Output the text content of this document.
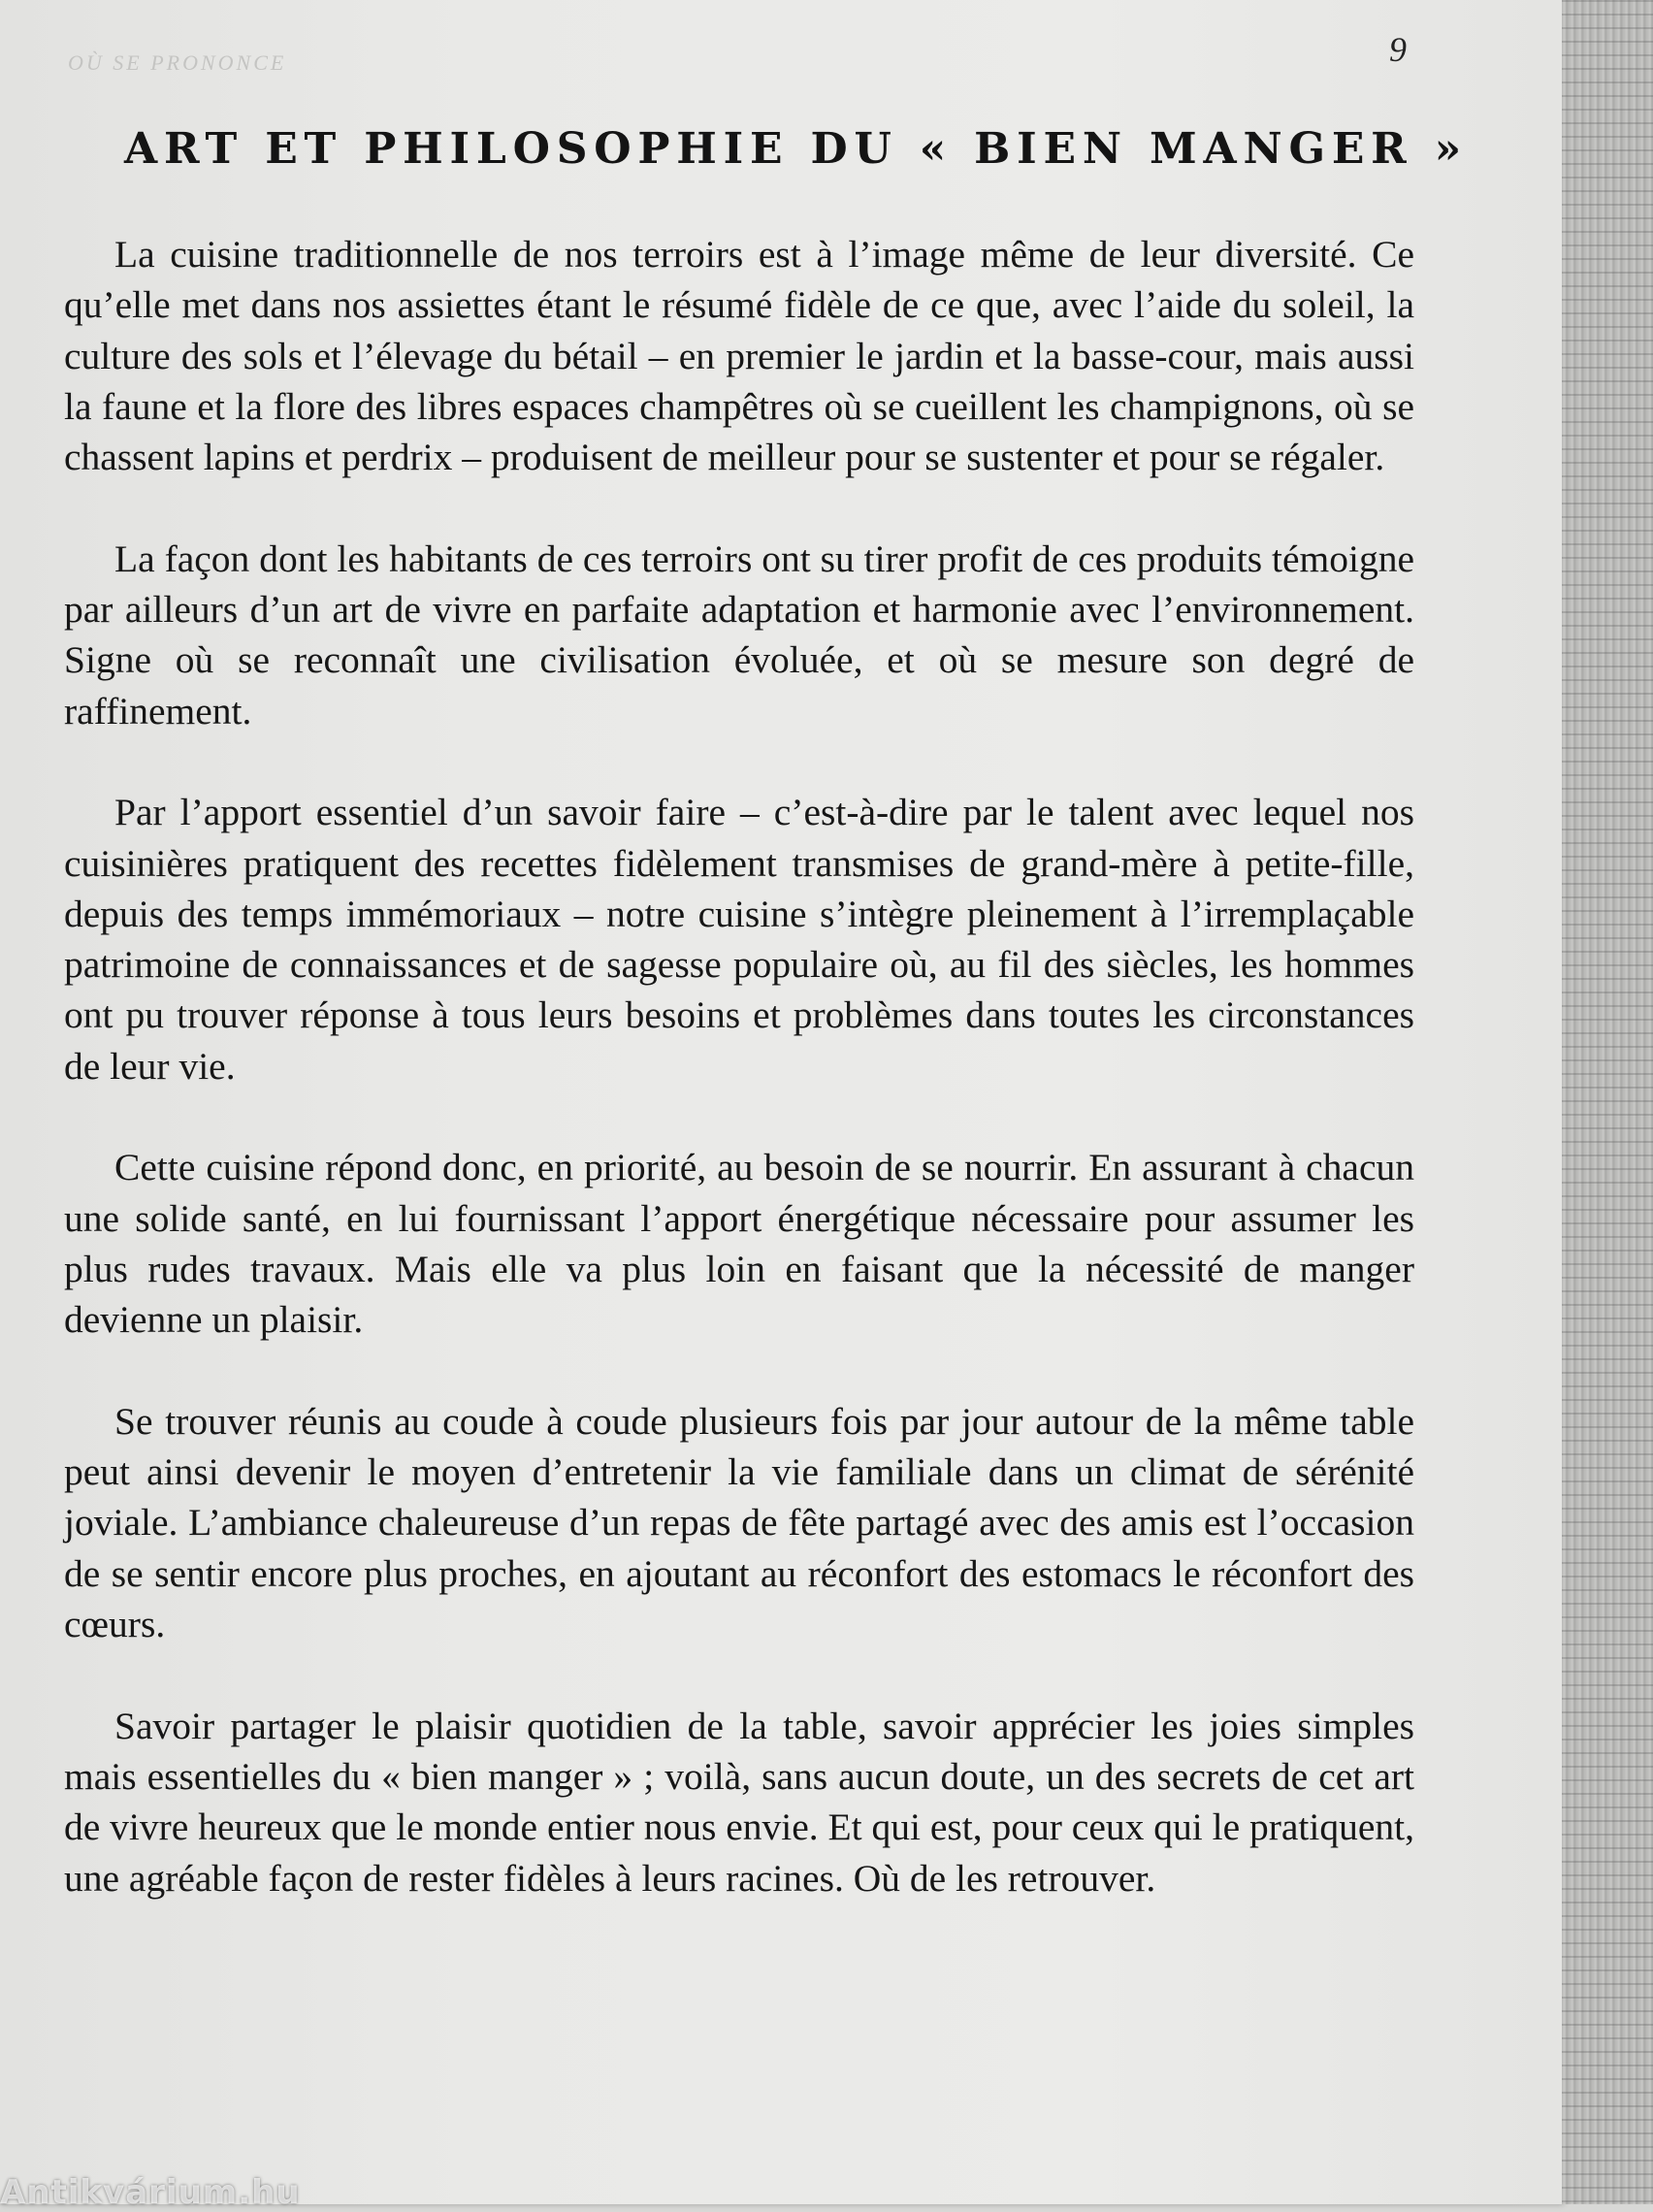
OÙ SE PRONONCE	9
ART ET PHILOSOPHIE DU « BIEN MANGER »

La cuisine traditionnelle de nos terroirs est à l’image même de leur diversité. Ce qu’elle met dans nos assiettes étant le résumé fidèle de ce que, avec l’aide du soleil, la culture des sols et l’élevage du bétail – en premier le jardin et la basse-cour, mais aussi la faune et la flore des libres espaces champêtres où se cueillent les champignons, où se chassent lapins et perdrix – produisent de meilleur pour se sustenter et pour se régaler.

La façon dont les habitants de ces terroirs ont su tirer profit de ces produits témoigne par ailleurs d’un art de vivre en parfaite adaptation et harmonie avec l’environnement. Signe où se reconnaît une civilisation évoluée, et où se mesure son degré de raffinement.

Par l’apport essentiel d’un savoir faire – c’est-à-dire par le talent avec lequel nos cuisinières pratiquent des recettes fidèlement transmises de grand-mère à petite-fille, depuis des temps immémoriaux – notre cuisine s’intègre pleinement à l’irremplaçable patrimoine de connaissances et de sagesse populaire où, au fil des siècles, les hommes ont pu trouver réponse à tous leurs besoins et problèmes dans toutes les circonstances de leur vie.

Cette cuisine répond donc, en priorité, au besoin de se nourrir. En assurant à chacun une solide santé, en lui fournissant l’apport énergétique nécessaire pour assumer les plus rudes travaux. Mais elle va plus loin en faisant que la nécessité de manger devienne un plaisir.

Se trouver réunis au coude à coude plusieurs fois par jour autour de la même table peut ainsi devenir le moyen d’entretenir la vie familiale dans un climat de sérénité joviale. L’ambiance chaleureuse d’un repas de fête partagé avec des amis est l’occasion de se sentir encore plus proches, en ajoutant au réconfort des estomacs le réconfort des cœurs.

Savoir partager le plaisir quotidien de la table, savoir apprécier les joies simples mais essentielles du « bien manger » ; voilà, sans aucun doute, un des secrets de cet art de vivre heureux que le monde entier nous envie. Et qui est, pour ceux qui le pratiquent, une agréable façon de rester fidèles à leurs racines. Où de les retrouver.

Antikvárium.hu
